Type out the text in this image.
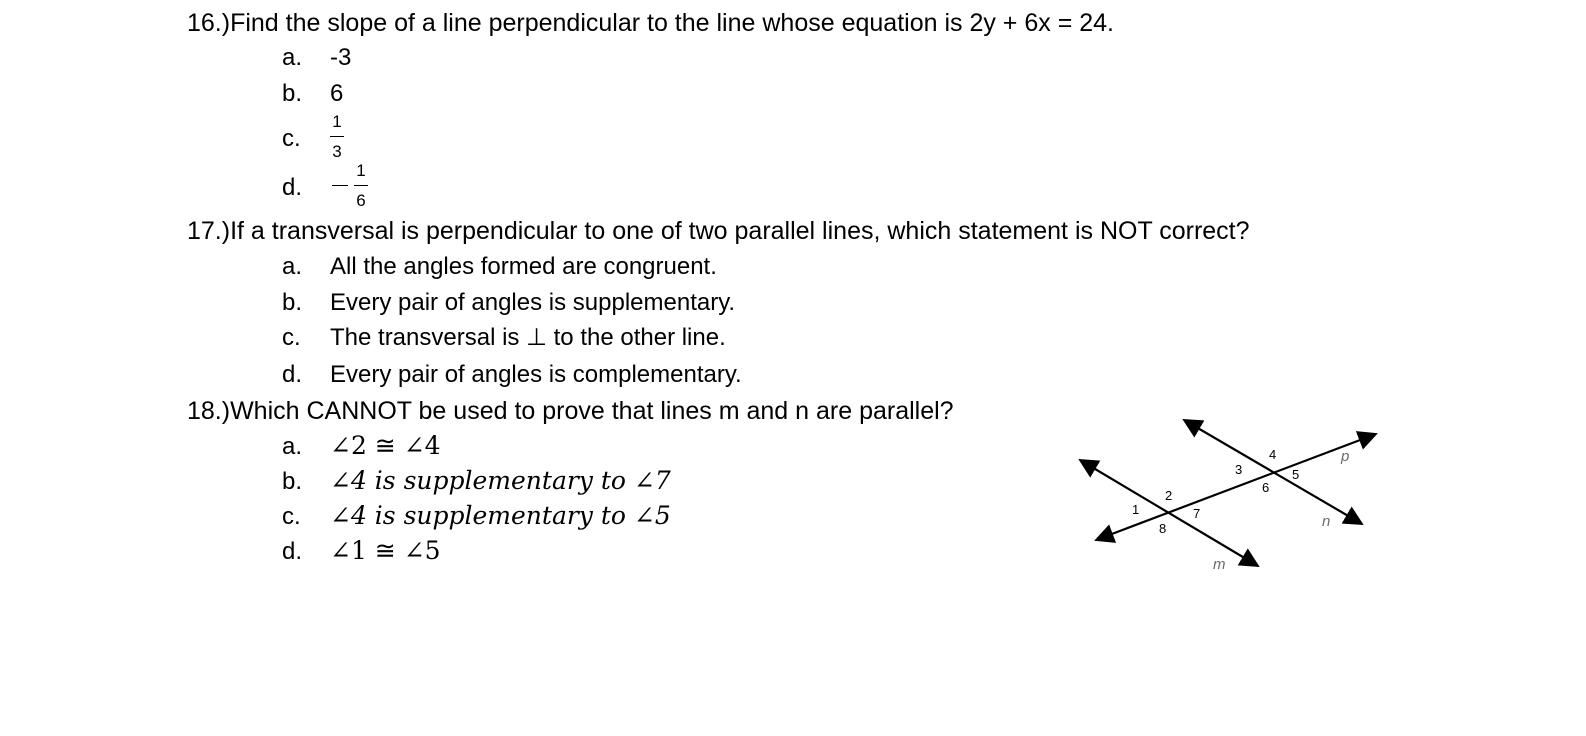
16.)Find the slope of a line perpendicular to the line whose equation is 2y + 6x = 24.
a. -3
b. 6
c. $\frac{1}{3}$
d.	$\frac{1}{6}$
17.)If a transversal is perpendicular to one of two parallel lines, which statement is NOT correct?
a. All the angles formed are congruent.
b. Every pair of angles is supplementary.
c. The transversal is ⊥ to the other line.
d. Every pair of angles is complementary.
18.)Which CANNOT be used to prove that lines m and n are parallel?
a. ∠2 ≅ ∠4
b. ∠4 is supplementary to ∠7
c. ∠4 is supplementary to ∠5
d. ∠1 ≅ ∠5	m
n
p
1
2
7
8
3
4
5
6
